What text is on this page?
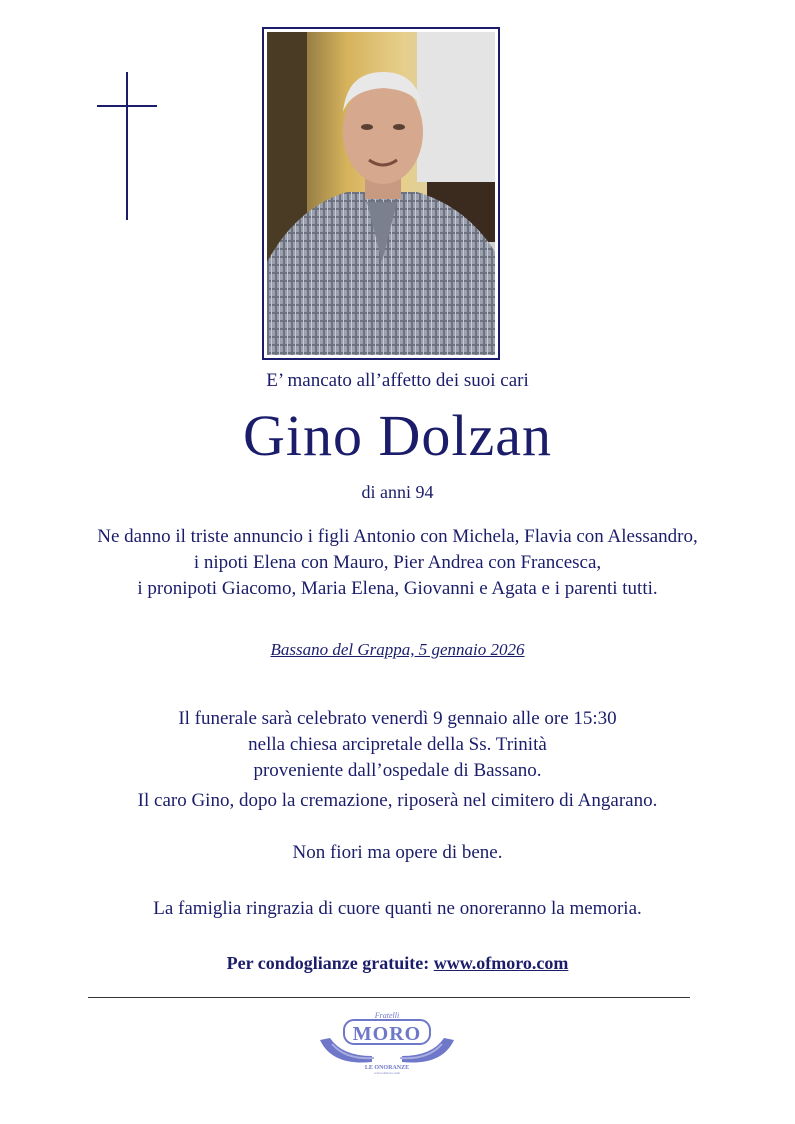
E’ mancato all’affetto dei suoi cari
Gino Dolzan
di anni 94
Ne danno il triste annuncio i figli Antonio con Michela, Flavia con Alessandro,
i nipoti Elena con Mauro, Pier Andrea con Francesca,
i pronipoti Giacomo, Maria Elena, Giovanni e Agata e i parenti tutti.
Bassano del Grappa, 5 gennaio 2026
Il funerale sarà celebrato venerdì 9 gennaio alle ore 15:30
nella chiesa arcipretale della Ss. Trinità
proveniente dall’ospedale di Bassano.
Il caro Gino, dopo la cremazione, riposerà nel cimitero di Angarano.
Non fiori ma opere di bene.
La famiglia ringrazia di cuore quanti ne onoreranno la memoria.
Per condoglianze gratuite: www.ofmoro.com
Fratelli
MORO
LE ONORANZE
www.ofmoro.com
